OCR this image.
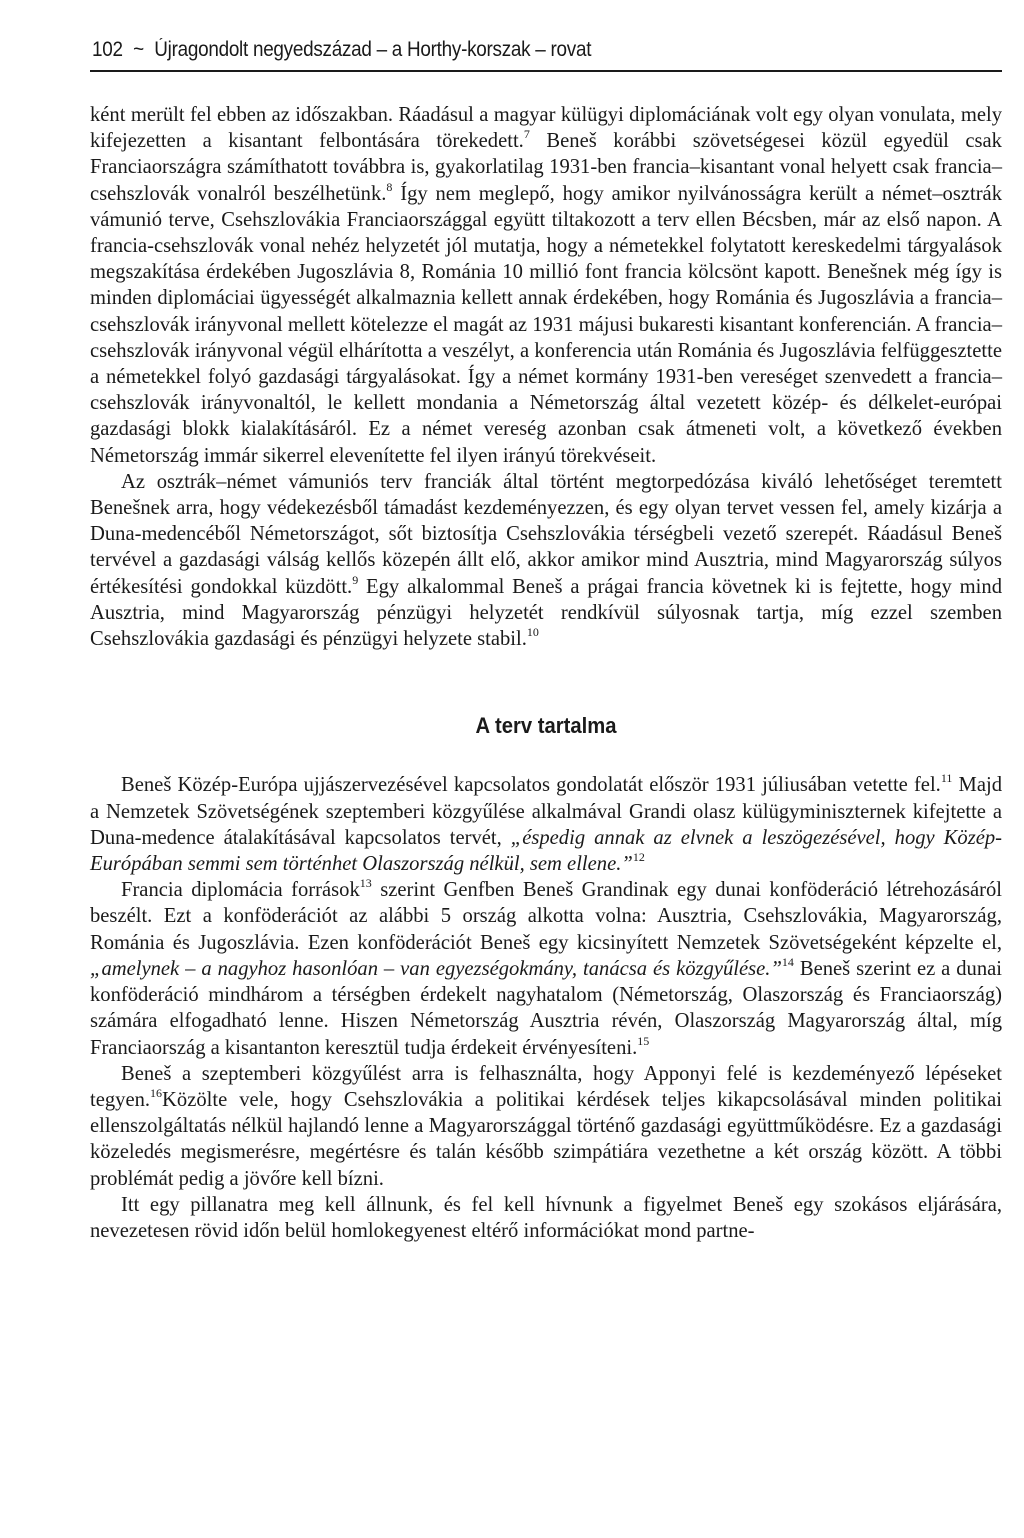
102 ~ Újragondolt negyedszázad – a Horthy-korszak – rovat

ként merült fel ebben az időszakban. Ráadásul a magyar külügyi diplomáciának volt egy olyan vonulata, mely kifejezetten a kisantant felbontására törekedett.$^7$ Beneš korábbi szövetségesei közül egyedül csak Franciaországra számíthatott továbbra is, gyakorlatilag 1931-ben francia–kisantant vonal helyett csak francia–csehszlovák vonalról beszélhetünk.$^8$ Így nem meglepő, hogy amikor nyilvánosságra került a német–osztrák vámunió terve, Csehszlovákia Franciaországgal együtt tiltakozott a terv ellen Bécsben, már az első napon. A francia-csehszlovák vonal nehéz helyzetét jól mutatja, hogy a németekkel folytatott kereskedelmi tárgyalások megszakítása érdekében Jugoszlávia 8, Románia 10 millió font francia kölcsönt kapott. Benešnek még így is minden diplomáciai ügyességét alkalmaznia kellett annak érdekében, hogy Románia és Jugoszlávia a francia–csehszlovák irányvonal mellett kötelezze el magát az 1931 májusi bukaresti kisantant konferencián. A francia–csehszlovák irányvonal végül elhárította a veszélyt, a konferencia után Románia és Jugoszlávia felfüggesztette a németekkel folyó gazdasági tárgyalásokat. Így a német kormány 1931-ben vereséget szenvedett a francia–csehszlovák irányvonaltól, le kellett mondania a Németország által vezetett közép- és délkelet-európai gazdasági blokk kialakításáról. Ez a német vereség azonban csak átmeneti volt, a következő években Németország immár sikerrel elevenítette fel ilyen irányú törekvéseit.

Az osztrák–német vámuniós terv franciák által történt megtorpedózása kiváló lehetőséget teremtett Benešnek arra, hogy védekezésből támadást kezdeményezzen, és egy olyan tervet vessen fel, amely kizárja a Duna-medencéből Németországot, sőt biztosítja Csehszlovákia térségbeli vezető szerepét. Ráadásul Beneš tervével a gazdasági válság kellős közepén állt elő, akkor amikor mind Ausztria, mind Magyarország súlyos értékesítési gondokkal küzdött.$^9$ Egy alkalommal Beneš a prágai francia követnek ki is fejtette, hogy mind Ausztria, mind Magyarország pénzügyi helyzetét rendkívül súlyosnak tartja, míg ezzel szemben Csehszlovákia gazdasági és pénzügyi helyzete stabil.$^{10}$

A terv tartalma

Beneš Közép-Európa ujjászervezésével kapcsolatos gondolatát először 1931 júliusában vetette fel.$^{11}$ Majd a Nemzetek Szövetségének szeptemberi közgyűlése alkalmával Grandi olasz külügyminiszternek kifejtette a Duna-medence átalakításával kapcsolatos tervét, „éspedig annak az elvnek a leszögezésével, hogy Közép-Európában semmi sem történhet Olaszország nélkül, sem ellene.”$^{12}$

Francia diplomácia források$^{13}$ szerint Genfben Beneš Grandinak egy dunai konföderáció létrehozásáról beszélt. Ezt a konföderációt az alábbi 5 ország alkotta volna: Ausztria, Csehszlovákia, Magyarország, Románia és Jugoszlávia. Ezen konföderációt Beneš egy kicsinyített Nemzetek Szövetségeként képzelte el, „amelynek – a nagyhoz hasonlóan – van egyezségokmány, tanácsa és közgyűlése.”$^{14}$ Beneš szerint ez a dunai konföderáció mindhárom a térségben érdekelt nagyhatalom (Németország, Olaszország és Franciaország) számára elfogadható lenne. Hiszen Németország Ausztria révén, Olaszország Magyarország által, míg Franciaország a kisantanton keresztül tudja érdekeit érvényesíteni.$^{15}$

Beneš a szeptemberi közgyűlést arra is felhasználta, hogy Apponyi felé is kezdeményező lépéseket tegyen.$^{16}$Közölte vele, hogy Csehszlovákia a politikai kérdések teljes kikapcsolásával minden politikai ellenszolgáltatás nélkül hajlandó lenne a Magyarországgal történő gazdasági együttműködésre. Ez a gazdasági közeledés megismerésre, megértésre és talán később szimpátiára vezethetne a két ország között. A többi problémát pedig a jövőre kell bízni.

Itt egy pillanatra meg kell állnunk, és fel kell hívnunk a figyelmet Beneš egy szokásos eljárására, nevezetesen rövid időn belül homlokegyenest eltérő információkat mond partne-
